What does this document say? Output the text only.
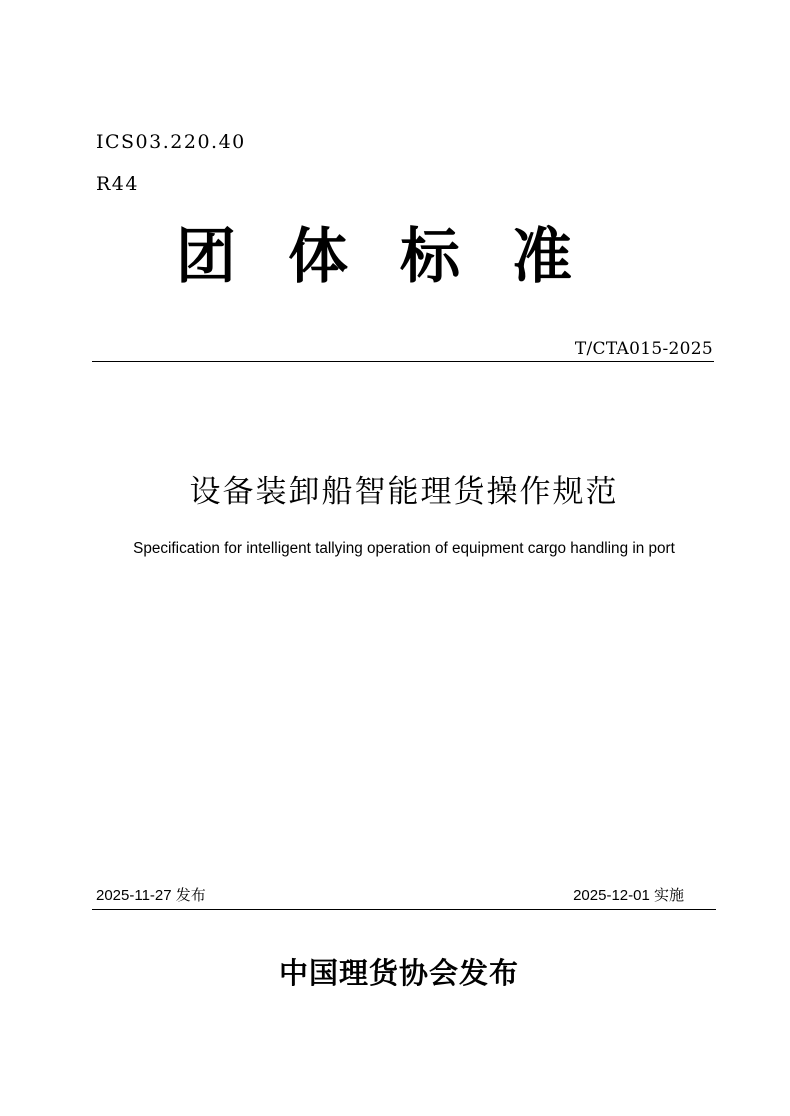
ICS03.220.40
R44
团体标准
T/CTA015-2025
设备装卸船智能理货操作规范
Specification for intelligent tallying operation of equipment cargo handling in port
2025-11-27 发布	2025-12-01 实施
中国理货协会发布
